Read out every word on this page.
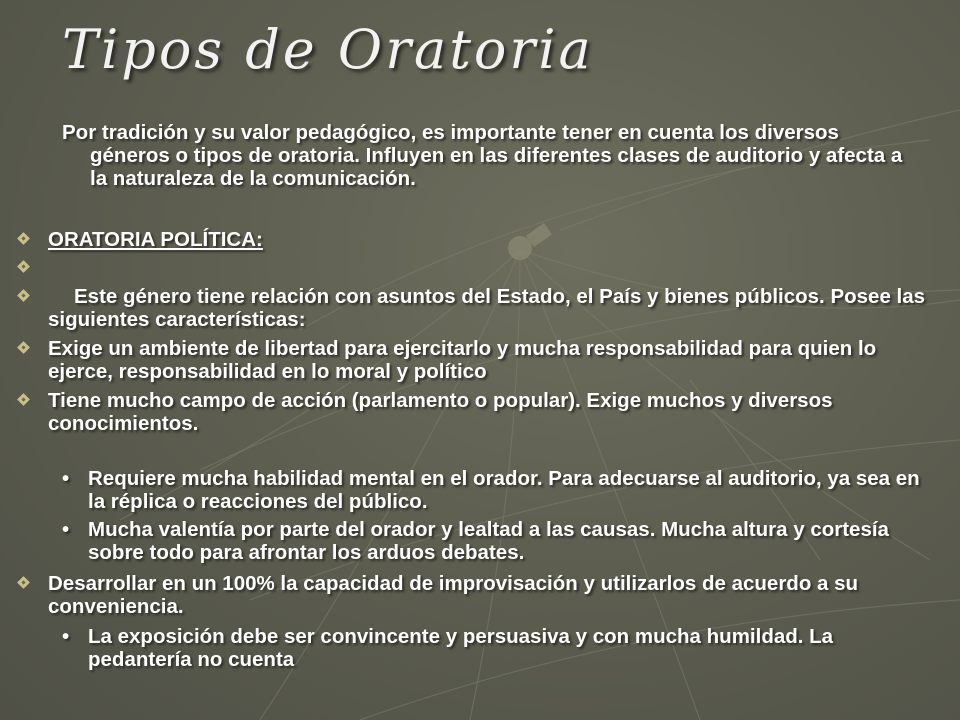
Tipos de Oratoria

Por tradición y su valor pedagógico, es importante tener en cuenta los diversos géneros o tipos de oratoria. Influyen en las diferentes clases de auditorio y afecta a la naturaleza de la comunicación.

ORATORIA POLÍTICA:

Este género tiene relación con asuntos del Estado, el País y bienes públicos. Posee las siguientes características:

Exige un ambiente de libertad para ejercitarlo y mucha responsabilidad para quien lo ejerce, responsabilidad en lo moral y político

Tiene mucho campo de acción (parlamento o popular). Exige muchos y diversos conocimientos.

• Requiere mucha habilidad mental en el orador. Para adecuarse al auditorio, ya sea en la réplica o reacciones del público.

• Mucha valentía por parte del orador y lealtad a las causas. Mucha altura y cortesía sobre todo para afrontar los arduos debates.

Desarrollar en un 100% la capacidad de improvisación y utilizarlos de acuerdo a su conveniencia.

• La exposición debe ser convincente y persuasiva y con mucha humildad. La pedantería no cuenta
